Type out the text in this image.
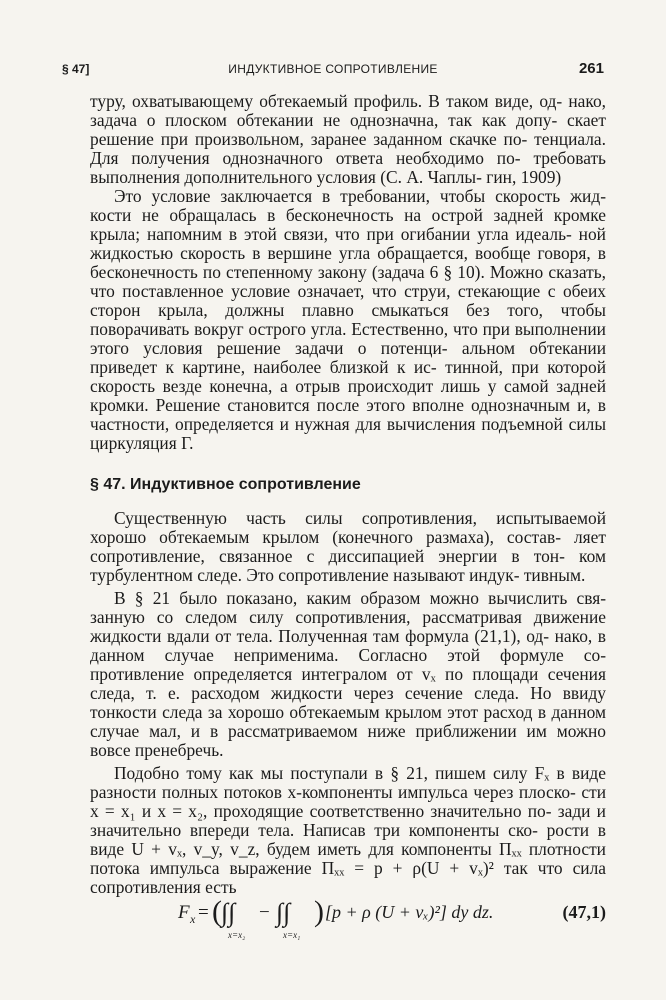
§ 47]	ИНДУКТИВНОЕ СОПРОТИВЛЕНИЕ	261

туру, охватывающему обтекаемый профиль. В таком виде, од- нако, задача о плоском обтекании не однозначна, так как допу- скает решение при произвольном, заранее заданном скачке по- тенциала. Для получения однозначного ответа необходимо по- требовать выполнения дополнительного условия (С. А. Чаплы- гин, 1909)

Это условие заключается в требовании, чтобы скорость жид- кости не обращалась в бесконечность на острой задней кромке крыла; напомним в этой связи, что при огибании угла идеаль- ной жидкостью скорость в вершине угла обращается, вообще говоря, в бесконечность по степенному закону (задача 6 § 10). Можно сказать, что поставленное условие означает, что струи, стекающие с обеих сторон крыла, должны плавно смыкаться без того, чтобы поворачивать вокруг острого угла. Естественно, что при выполнении этого условия решение задачи о потенци- альном обтекании приведет к картине, наиболее близкой к ис- тинной, при которой скорость везде конечна, а отрыв происходит лишь у самой задней кромки. Решение становится после этого вполне однозначным и, в частности, определяется и нужная для вычисления подъемной силы циркуляция Г.

§ 47. Индуктивное сопротивление

Существенную часть силы сопротивления, испытываемой хорошо обтекаемым крылом (конечного размаха), состав- ляет сопротивление, связанное с диссипацией энергии в тон- ком турбулентном следе. Это сопротивление называют индук- тивным.

В § 21 было показано, каким образом можно вычислить свя- занную со следом силу сопротивления, рассматривая движение жидкости вдали от тела. Полученная там формула (21,1), од- нако, в данном случае неприменима. Согласно этой формуле со- противление определяется интегралом от vₓ по площади сечения следа, т. е. расходом жидкости через сечение следа. Но ввиду тонкости следа за хорошо обтекаемым крылом этот расход в данном случае мал, и в рассматриваемом ниже приближении им можно вовсе пренебречь.

Подобно тому как мы поступали в § 21, пишем силу Fₓ в виде разности полных потоков x-компоненты импульса через плоско- сти x = x₁ и x = x₂, проходящие соответственно значительно по- зади и значительно впереди тела. Написав три компоненты ско- рости в виде U + vₓ, v_y, v_z, будем иметь для компоненты Πₓₓ плотности потока импульса выражение Πₓₓ = p + ρ(U + vₓ)² так что сила сопротивления есть

F x = ( ∫∫
x=x₂
− ∫∫
x=x₁
) [p + ρ (U + vₓ)²] dy dz.	(47,1)
